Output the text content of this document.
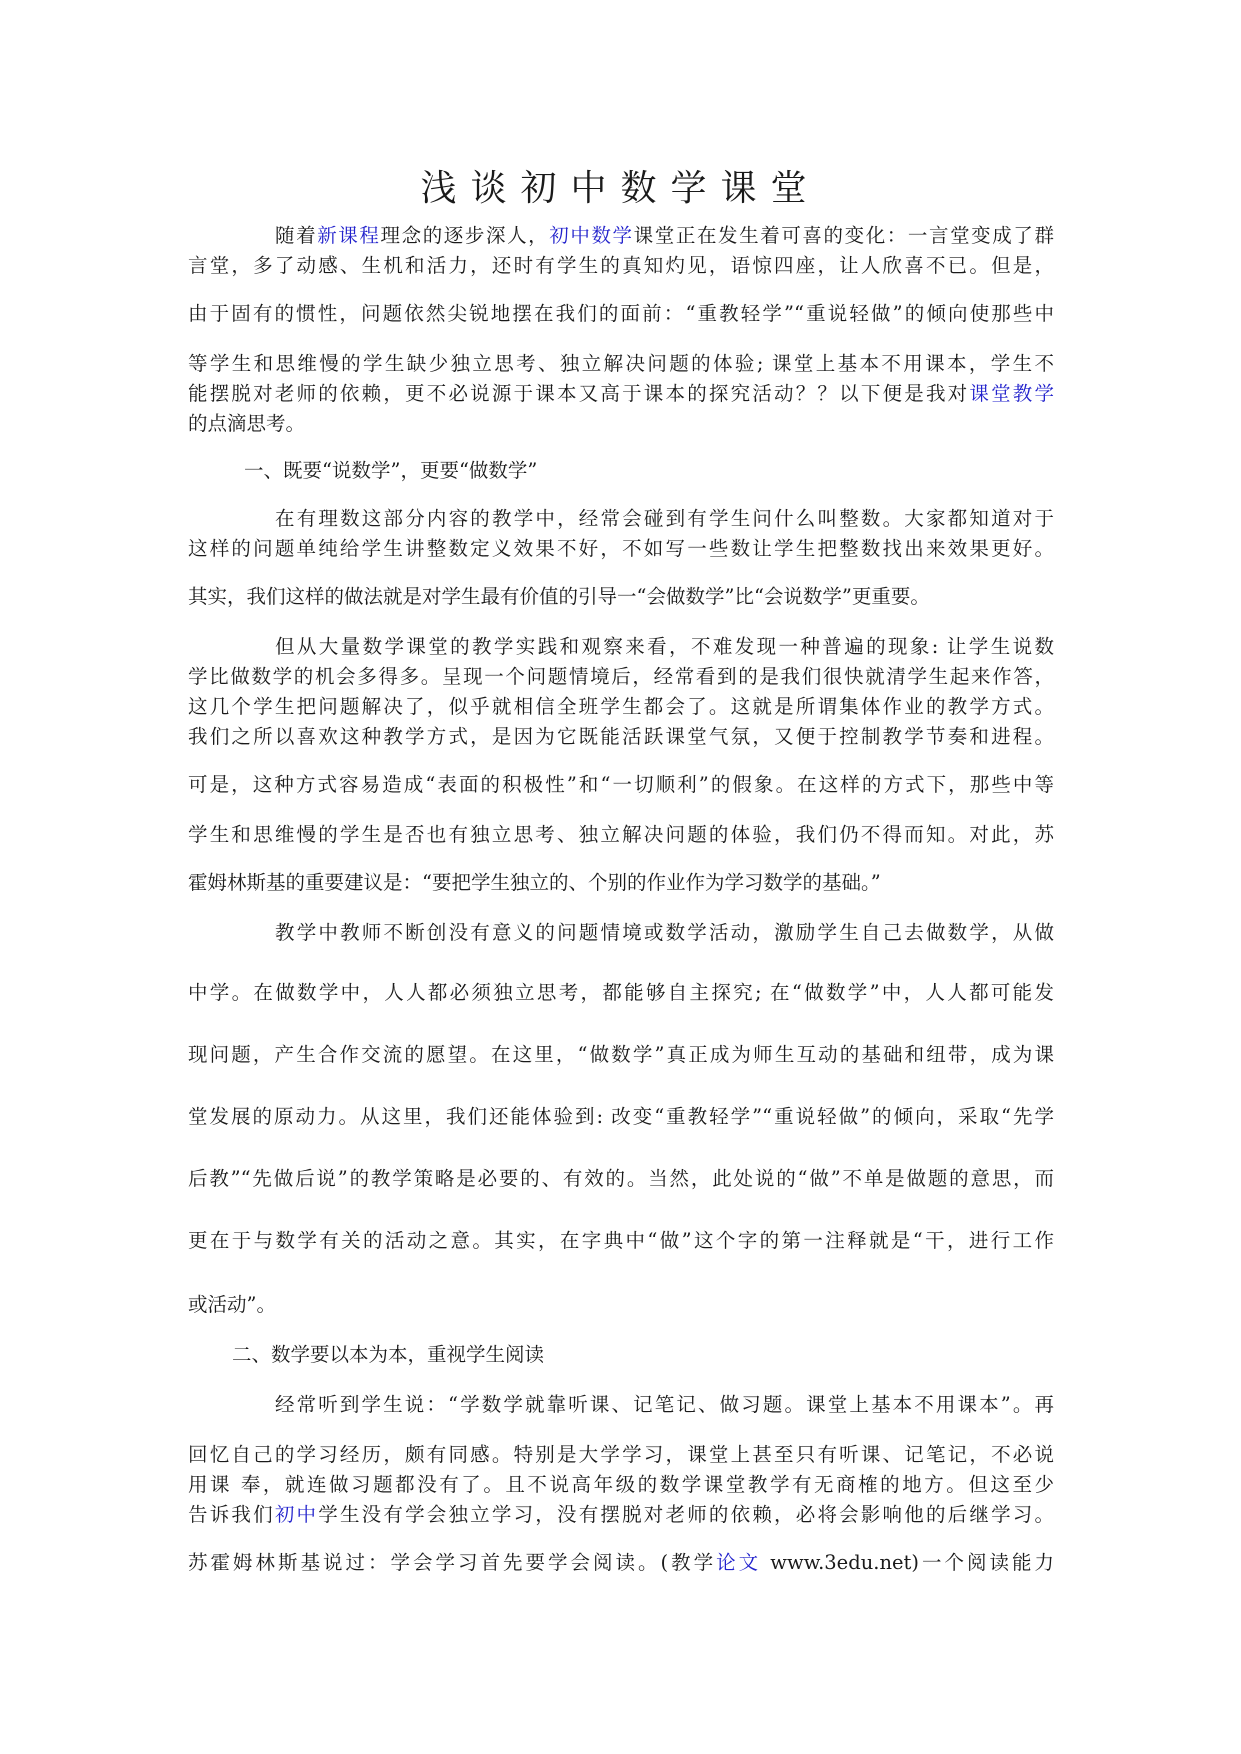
浅谈初中数学课堂
随着新课程理念的逐步深人，初中数学课堂正在发生着可喜的变化：一言堂变成了群
言堂，多了动感、生机和活力，还时有学生的真知灼见，语惊四座，让人欣喜不已。但是，
由于固有的惯性，问题依然尖锐地摆在我们的面前：“重教轻学”“重说轻做”的倾向使那些中
等学生和思维慢的学生缺少独立思考、独立解决问题的体验; 课堂上基本不用课本，学生不
能摆脱对老师的依赖，更不必说源于课本又高于课本的探究活动？？以下便是我对课堂教学
的点滴思考。
一、既要“说数学”，更要“做数学”
在有理数这部分内容的教学中，经常会碰到有学生问什么叫整数。大家都知道对于
这样的问题单纯给学生讲整数定义效果不好，不如写一些数让学生把整数找出来效果更好。
其实，我们这样的做法就是对学生最有价值的引导一“会做数学”比“会说数学”更重要。
但从大量数学课堂的教学实践和观察来看，不难发现一种普遍的现象: 让学生说数
学比做数学的机会多得多。呈现一个问题情境后，经常看到的是我们很快就清学生起来作答，
这几个学生把问题解决了，似乎就相信全班学生都会了。这就是所谓集体作业的教学方式。
我们之所以喜欢这种教学方式，是因为它既能活跃课堂气氛，又便于控制教学节奏和进程。
可是，这种方式容易造成“表面的积极性”和“一切顺利”的假象。在这样的方式下，那些中等
学生和思维慢的学生是否也有独立思考、独立解决问题的体验，我们仍不得而知。对此，苏
霍姆林斯基的重要建议是：“要把学生独立的、个别的作业作为学习数学的基础。”
教学中教师不断创没有意义的问题情境或数学活动，激励学生自己去做数学，从做
中学。在做数学中，人人都必须独立思考，都能够自主探究; 在“做数学”中，人人都可能发
现问题，产生合作交流的愿望。在这里，“做数学”真正成为师生互动的基础和纽带，成为课
堂发展的原动力。从这里，我们还能体验到: 改变“重教轻学”“重说轻做”的倾向，采取“先学
后教”“先做后说”的教学策略是必要的、有效的。当然，此处说的“做”不单是做题的意思，而
更在于与数学有关的活动之意。其实，在字典中“做”这个字的第一注释就是“干，进行工作
或活动”。
二、数学要以本为本，重视学生阅读
经常听到学生说：“学数学就靠听课、记笔记、做习题。课堂上基本不用课本”。再
回忆自己的学习经历，颇有同感。特别是大学学习，课堂上甚至只有听课、记笔记，不必说
用课 奉，就连做习题都没有了。且不说高年级的数学课堂教学有无商榷的地方。但这至少
告诉我们初中学生没有学会独立学习，没有摆脱对老师的依赖，必将会影响他的后继学习。
苏霍姆林斯基说过：学会学习首先要学会阅读。(教学论文 www.3edu.net)一个阅读能力
